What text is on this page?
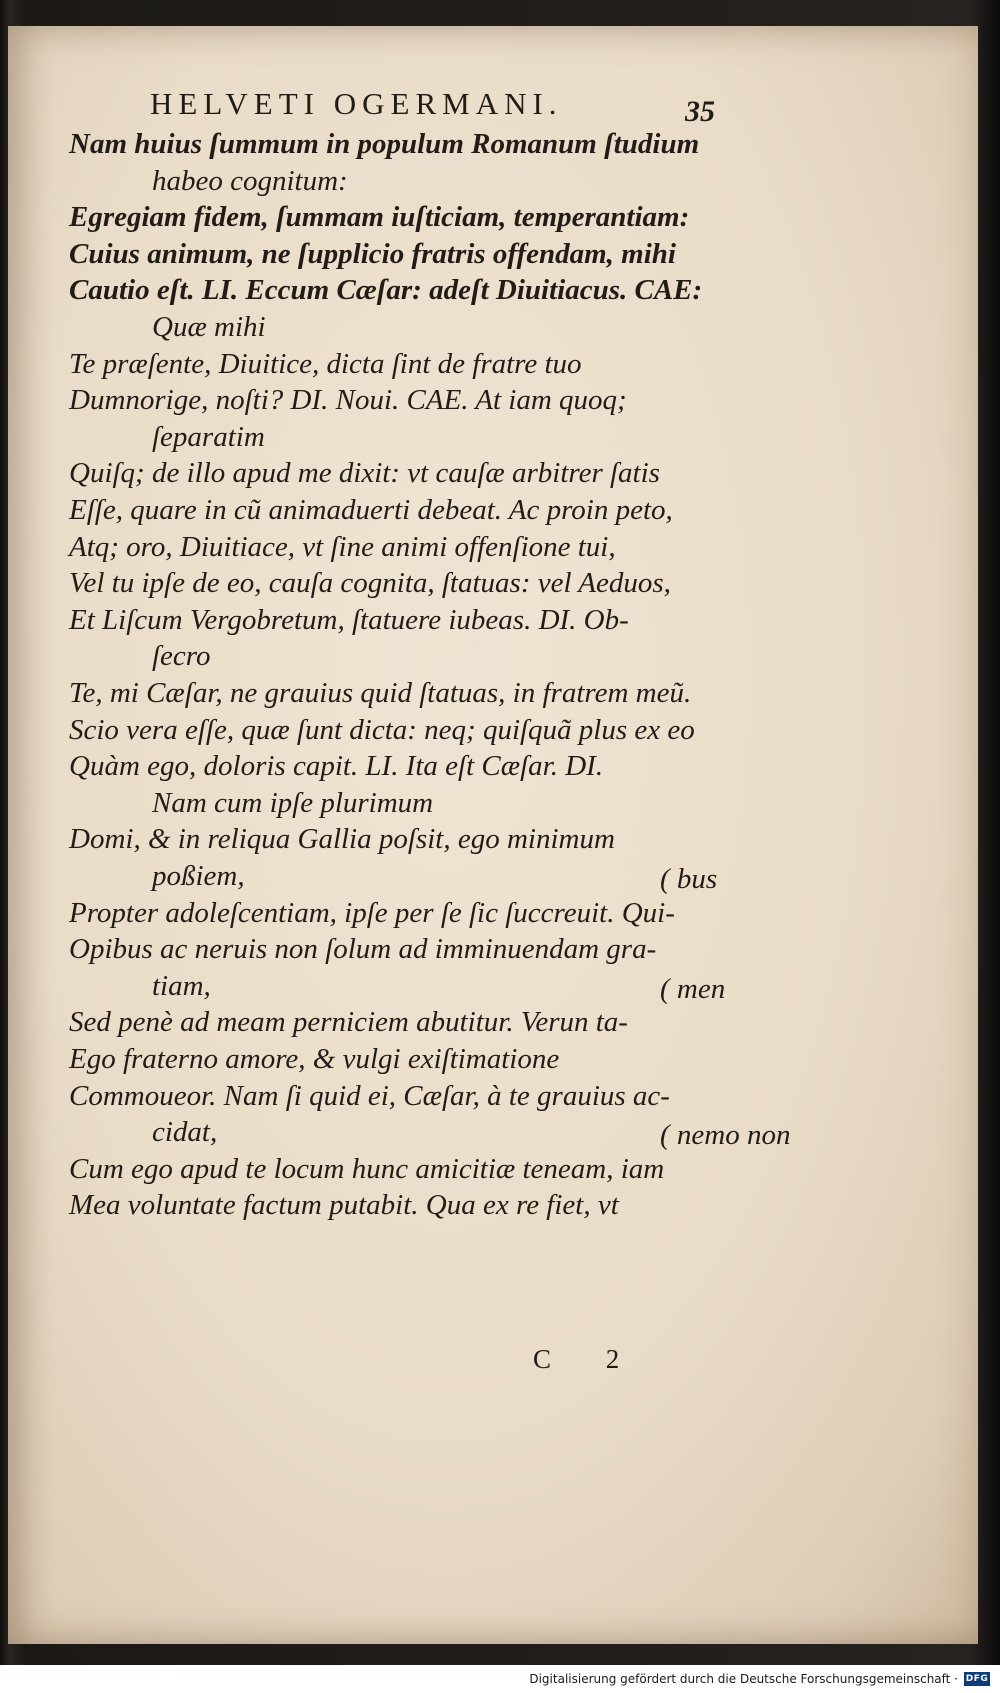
HELVETI OGERMANI.	35
Nam huius ſummum in populum Romanum ſtudium
habeo cognitum:
Egregiam fidem, ſummam iuſticiam, temperantiam:
Cuius animum, ne ſupplicio fratris offendam, mihi
Cautio eſt. LI. Eccum Cæſar: adeſt Diuitiacus. CAE:
Quæ mihi
Te præſente, Diuitice, dicta ſint de fratre tuo
Dumnorige, noſti? DI. Noui. CAE. At iam quoq;
ſeparatim
Quiſq; de illo apud me dixit: vt cauſæ arbitrer ſatis
Eſſe, quare in cũ animaduerti debeat. Ac proin peto,
Atq; oro, Diuitiace, vt ſine animi offenſione tui,
Vel tu ipſe de eo, cauſa cognita, ſtatuas: vel Aeduos,
Et Liſcum Vergobretum, ſtatuere iubeas. DI. Ob-
ſecro
Te, mi Cæſar, ne grauius quid ſtatuas, in fratrem meũ.
Scio vera eſſe, quæ ſunt dicta: neq; quiſquã plus ex eo
Quàm ego, doloris capit. LI. Ita eſt Cæſar. DI.
Nam cum ipſe plurimum
Domi, & in reliqua Gallia poſsit, ego minimum
poßiem,	( bus
Propter adoleſcentiam, ipſe per ſe ſic ſuccreuit. Qui-
Opibus ac neruis non ſolum ad imminuendam gra-
tiam,	( men
Sed penè ad meam perniciem abutitur. Verun ta-
Ego fraterno amore, & vulgi exiſtimatione
Commoueor. Nam ſi quid ei, Cæſar, à te grauius ac-
cidat,	( nemo non
Cum ego apud te locum hunc amicitiæ teneam, iam
Mea voluntate factum putabit. Qua ex re fiet, vt
C 2
Digitalisierung gefördert durch die Deutsche Forschungsgemeinschaft · DFG
